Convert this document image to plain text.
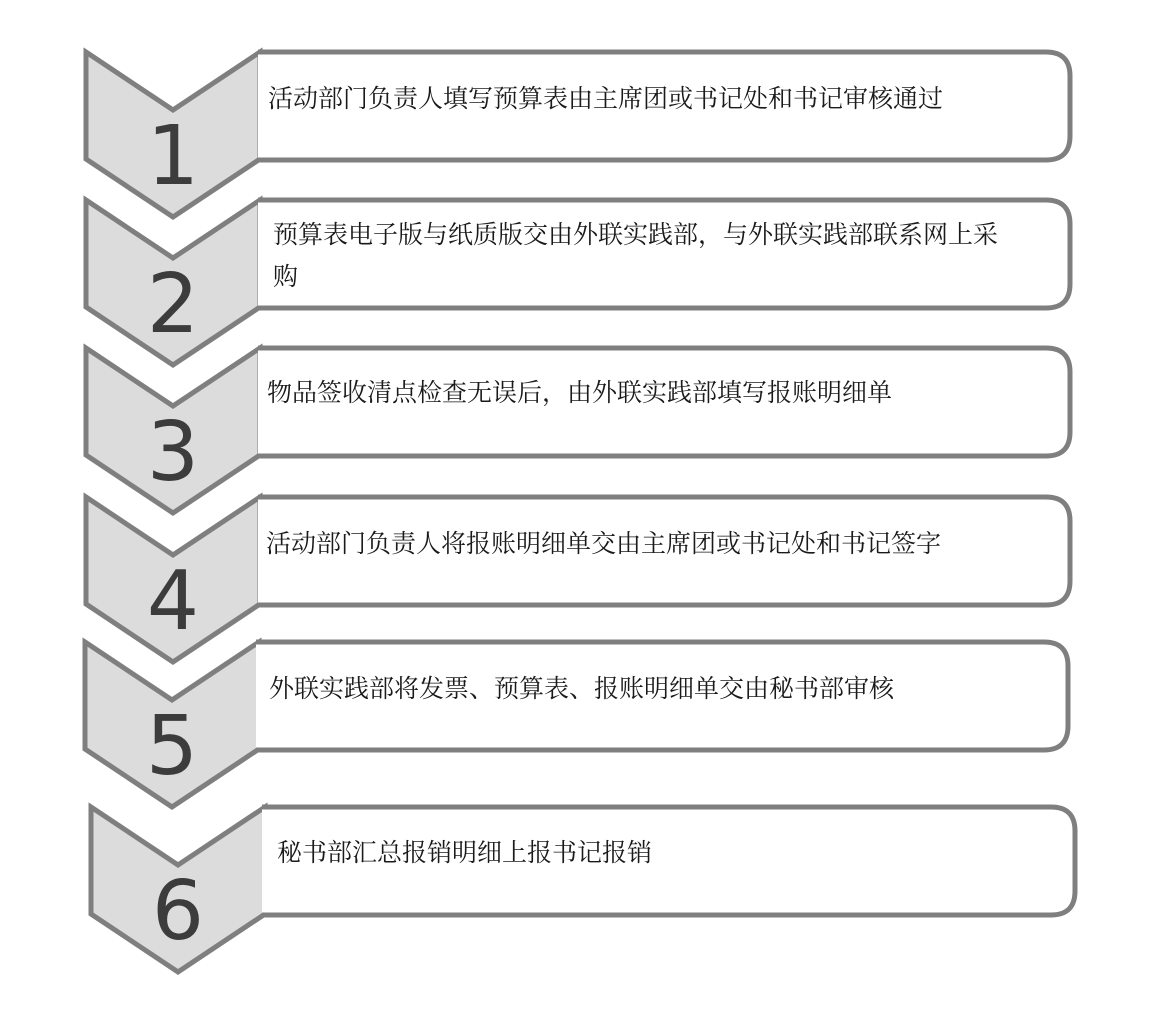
1
2
3
4
5
6
活动部门负责人填写预算表由主席团或书记处和书记审核通过
预算表电子版与纸质版交由外联实践部，与外联实践部联系网上采购
物品签收清点检查无误后，由外联实践部填写报账明细单
活动部门负责人将报账明细单交由主席团或书记处和书记签字
外联实践部将发票、预算表、报账明细单交由秘书部审核
秘书部汇总报销明细上报书记报销
